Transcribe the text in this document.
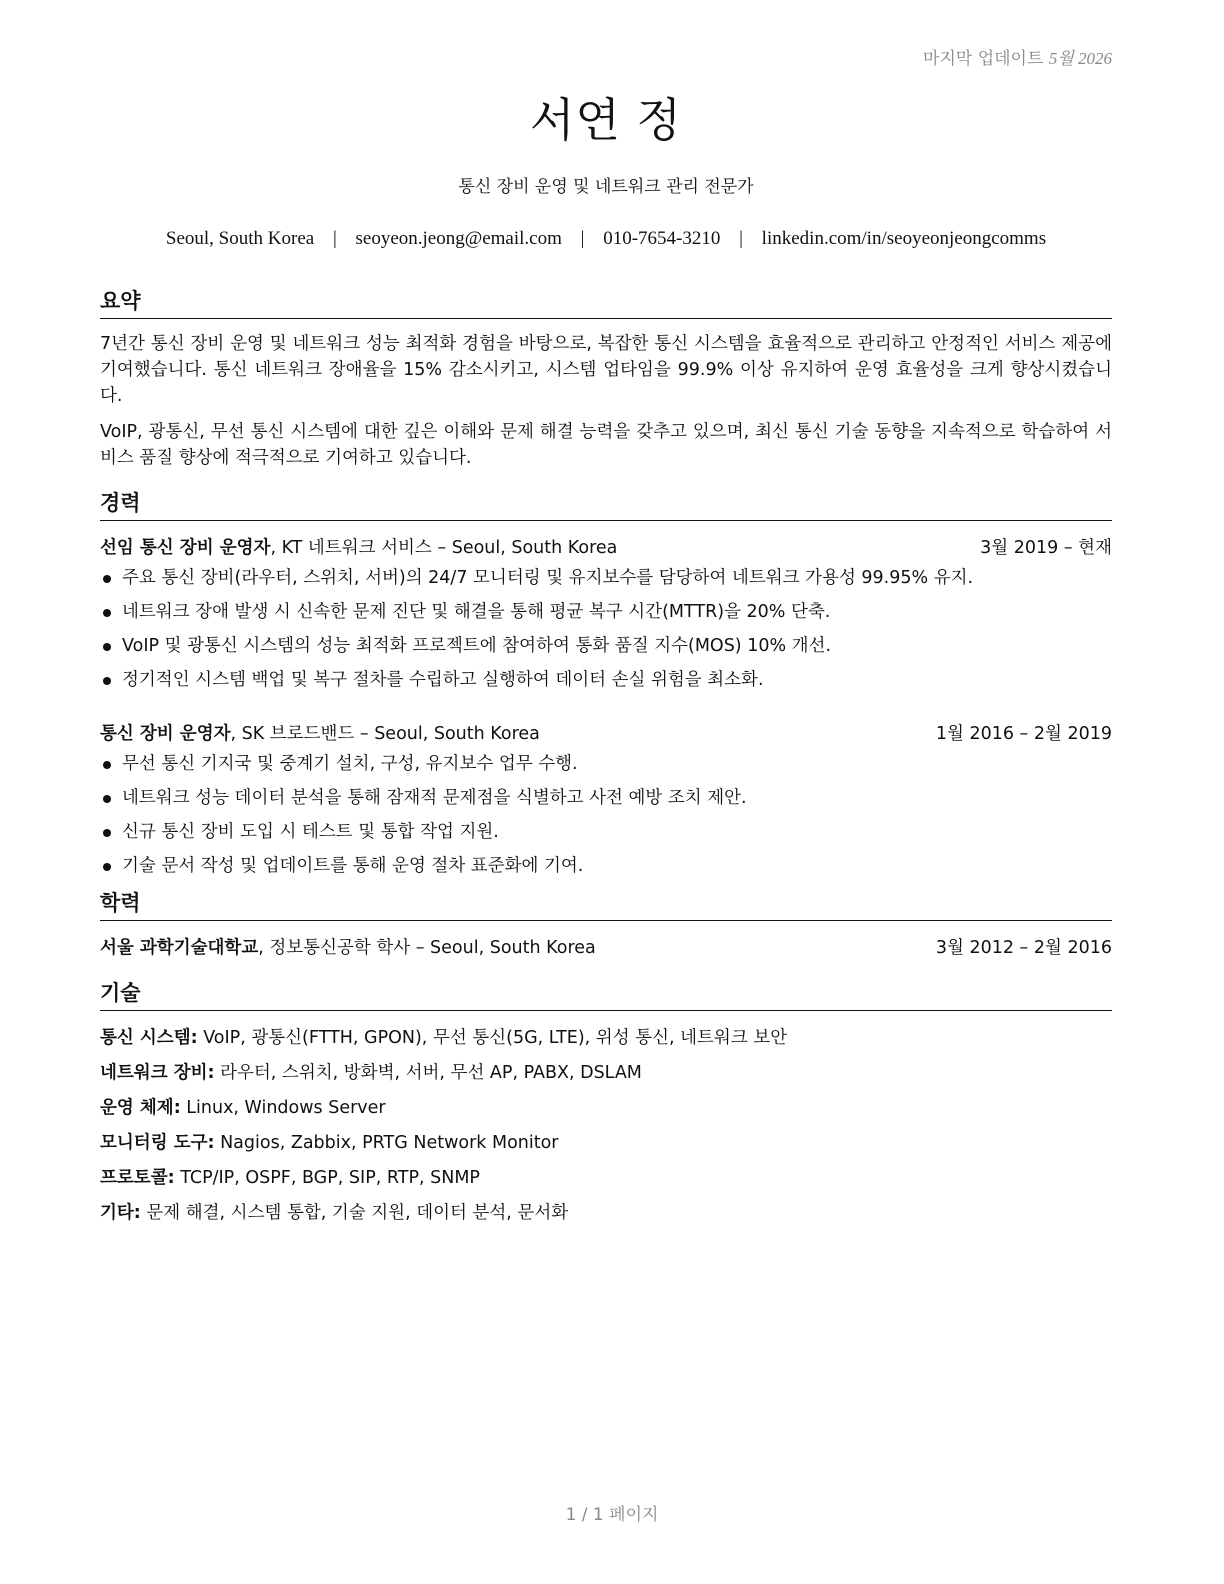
마지막 업데이트 5월 2026
서연 정
통신 장비 운영 및 네트워크 관리 전문가
Seoul, South Korea | seoyeon.jeong@email.com | 010-7654-3210 | linkedin.com/in/seoyeonjeongcomms
요약
7년간 통신 장비 운영 및 네트워크 성능 최적화 경험을 바탕으로, 복잡한 통신 시스템을 효율적으로 관리하고 안정적인 서비스 제공에 기여했습니다. 통신 네트워크 장애율을 15% 감소시키고, 시스템 업타임을 99.9% 이상 유지하여 운영 효율성을 크게 향상시켰습니다.
VoIP, 광통신, 무선 통신 시스템에 대한 깊은 이해와 문제 해결 능력을 갖추고 있으며, 최신 통신 기술 동향을 지속적으로 학습하여 서비스 품질 향상에 적극적으로 기여하고 있습니다.
경력
선임 통신 장비 운영자, KT 네트워크 서비스 – Seoul, South Korea	3월 2019 – 현재
주요 통신 장비(라우터, 스위치, 서버)의 24/7 모니터링 및 유지보수를 담당하여 네트워크 가용성 99.95% 유지.
네트워크 장애 발생 시 신속한 문제 진단 및 해결을 통해 평균 복구 시간(MTTR)을 20% 단축.
VoIP 및 광통신 시스템의 성능 최적화 프로젝트에 참여하여 통화 품질 지수(MOS) 10% 개선.
정기적인 시스템 백업 및 복구 절차를 수립하고 실행하여 데이터 손실 위험을 최소화.
통신 장비 운영자, SK 브로드밴드 – Seoul, South Korea	1월 2016 – 2월 2019
무선 통신 기지국 및 중계기 설치, 구성, 유지보수 업무 수행.
네트워크 성능 데이터 분석을 통해 잠재적 문제점을 식별하고 사전 예방 조치 제안.
신규 통신 장비 도입 시 테스트 및 통합 작업 지원.
기술 문서 작성 및 업데이트를 통해 운영 절차 표준화에 기여.
학력
서울 과학기술대학교, 정보통신공학 학사 – Seoul, South Korea	3월 2012 – 2월 2016
기술
통신 시스템: VoIP, 광통신(FTTH, GPON), 무선 통신(5G, LTE), 위성 통신, 네트워크 보안
네트워크 장비: 라우터, 스위치, 방화벽, 서버, 무선 AP, PABX, DSLAM
운영 체제: Linux, Windows Server
모니터링 도구: Nagios, Zabbix, PRTG Network Monitor
프로토콜: TCP/IP, OSPF, BGP, SIP, RTP, SNMP
기타: 문제 해결, 시스템 통합, 기술 지원, 데이터 분석, 문서화
1 / 1 페이지
